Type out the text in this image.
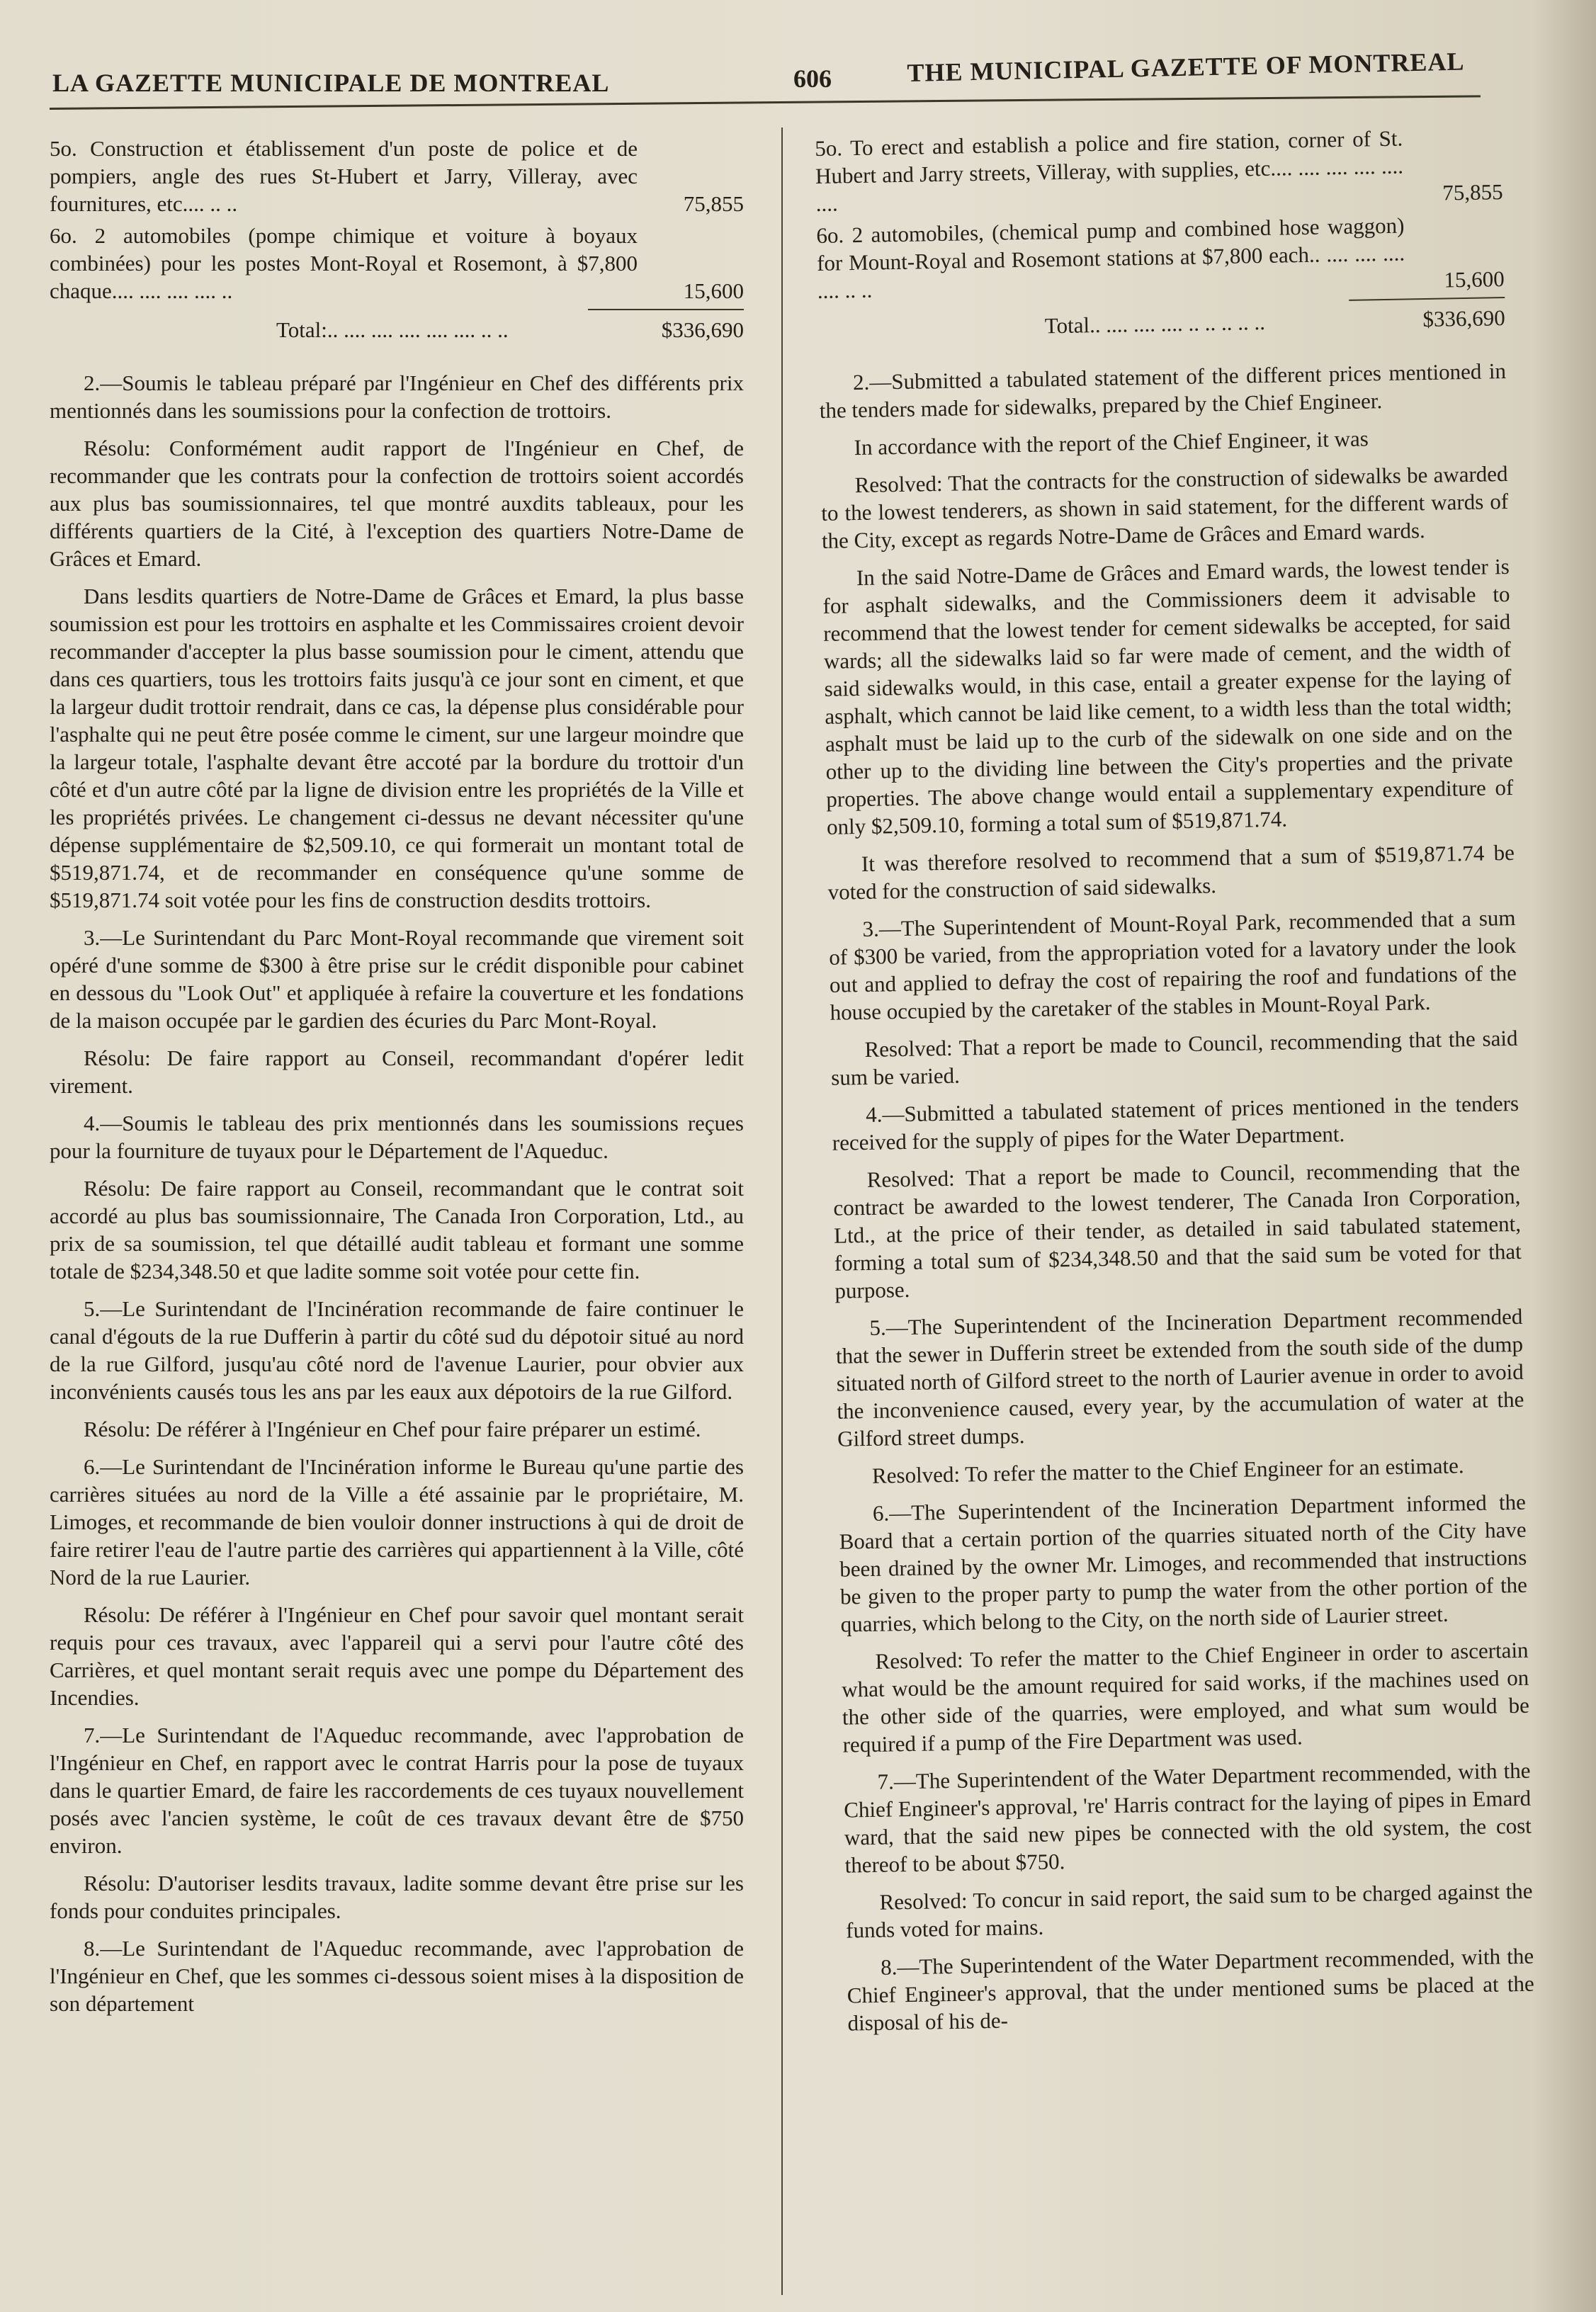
LA GAZETTE MUNICIPALE DE MONTREAL	606	THE MUNICIPAL GAZETTE OF MONTREAL
5o. Construction et établissement d'un poste de police et de pompiers, angle des rues St-Hubert et Jarry, Villeray, avec fournitures, etc.... .. ..	75,855
6o. 2 automobiles (pompe chimique et voiture à boyaux combinées) pour les postes Mont-Royal et Rosemont, à $7,800 chaque.... .... .... .... ..	15,600
Total:.. .... .... .... .... .... .. ..	$336,690

2.—Soumis le tableau préparé par l'Ingénieur en Chef des différents prix mentionnés dans les soumissions pour la confection de trottoirs.

Résolu: Conformément audit rapport de l'Ingénieur en Chef, de recommander que les contrats pour la confection de trottoirs soient accordés aux plus bas soumissionnaires, tel que montré auxdits tableaux, pour les différents quartiers de la Cité, à l'exception des quartiers Notre-Dame de Grâces et Emard.

Dans lesdits quartiers de Notre-Dame de Grâces et Emard, la plus basse soumission est pour les trottoirs en asphalte et les Commissaires croient devoir recommander d'accepter la plus basse soumission pour le ciment, attendu que dans ces quartiers, tous les trottoirs faits jusqu'à ce jour sont en ciment, et que la largeur dudit trottoir rendrait, dans ce cas, la dépense plus considérable pour l'asphalte qui ne peut être posée comme le ciment, sur une largeur moindre que la largeur totale, l'asphalte devant être accoté par la bordure du trottoir d'un côté et d'un autre côté par la ligne de division entre les propriétés de la Ville et les propriétés privées. Le changement ci-dessus ne devant nécessiter qu'une dépense supplémentaire de $2,509.10, ce qui formerait un montant total de $519,871.74, et de recommander en conséquence qu'une somme de $519,871.74 soit votée pour les fins de construction desdits trottoirs.

3.—Le Surintendant du Parc Mont-Royal recommande que virement soit opéré d'une somme de $300 à être prise sur le crédit disponible pour cabinet en dessous du "Look Out" et appliquée à refaire la couverture et les fondations de la maison occupée par le gardien des écuries du Parc Mont-Royal.

Résolu: De faire rapport au Conseil, recommandant d'opérer ledit virement.

4.—Soumis le tableau des prix mentionnés dans les soumissions reçues pour la fourniture de tuyaux pour le Département de l'Aqueduc.

Résolu: De faire rapport au Conseil, recommandant que le contrat soit accordé au plus bas soumissionnaire, The Canada Iron Corporation, Ltd., au prix de sa soumission, tel que détaillé audit tableau et formant une somme totale de $234,348.50 et que ladite somme soit votée pour cette fin.

5.—Le Surintendant de l'Incinération recommande de faire continuer le canal d'égouts de la rue Dufferin à partir du côté sud du dépotoir situé au nord de la rue Gilford, jusqu'au côté nord de l'avenue Laurier, pour obvier aux inconvénients causés tous les ans par les eaux aux dépotoirs de la rue Gilford.

Résolu: De référer à l'Ingénieur en Chef pour faire préparer un estimé.

6.—Le Surintendant de l'Incinération informe le Bureau qu'une partie des carrières situées au nord de la Ville a été assainie par le propriétaire, M. Limoges, et recommande de bien vouloir donner instructions à qui de droit de faire retirer l'eau de l'autre partie des carrières qui appartiennent à la Ville, côté Nord de la rue Laurier.

Résolu: De référer à l'Ingénieur en Chef pour savoir quel montant serait requis pour ces travaux, avec l'appareil qui a servi pour l'autre côté des Carrières, et quel montant serait requis avec une pompe du Département des Incendies.

7.—Le Surintendant de l'Aqueduc recommande, avec l'approbation de l'Ingénieur en Chef, en rapport avec le contrat Harris pour la pose de tuyaux dans le quartier Emard, de faire les raccordements de ces tuyaux nouvellement posés avec l'ancien système, le coût de ces travaux devant être de $750 environ.

Résolu: D'autoriser lesdits travaux, ladite somme devant être prise sur les fonds pour conduites principales.

8.—Le Surintendant de l'Aqueduc recommande, avec l'approbation de l'Ingénieur en Chef, que les sommes ci-dessous soient mises à la disposition de son département

5o. To erect and establish a police and fire station, corner of St. Hubert and Jarry streets, Villeray, with supplies, etc.... .... .... .... .... ....	75,855
6o. 2 automobiles, (chemical pump and combined hose waggon) for Mount-Royal and Rosemont stations at $7,800 each.. .... .... .... .... .. ..	15,600
Total.. .... .... .... .. .. .. .. ..	$336,690

2.—Submitted a tabulated statement of the different prices mentioned in the tenders made for sidewalks, prepared by the Chief Engineer.

In accordance with the report of the Chief Engineer, it was

Resolved: That the contracts for the construction of sidewalks be awarded to the lowest tenderers, as shown in said statement, for the different wards of the City, except as regards Notre-Dame de Grâces and Emard wards.

In the said Notre-Dame de Grâces and Emard wards, the lowest tender is for asphalt sidewalks, and the Commissioners deem it advisable to recommend that the lowest tender for cement sidewalks be accepted, for said wards; all the sidewalks laid so far were made of cement, and the width of said sidewalks would, in this case, entail a greater expense for the laying of asphalt, which cannot be laid like cement, to a width less than the total width; asphalt must be laid up to the curb of the sidewalk on one side and on the other up to the dividing line between the City's properties and the private properties. The above change would entail a supplementary expenditure of only $2,509.10, forming a total sum of $519,871.74.

It was therefore resolved to recommend that a sum of $519,871.74 be voted for the construction of said sidewalks.

3.—The Superintendent of Mount-Royal Park, recommended that a sum of $300 be varied, from the appropriation voted for a lavatory under the look out and applied to defray the cost of repairing the roof and fundations of the house occupied by the caretaker of the stables in Mount-Royal Park.

Resolved: That a report be made to Council, recommending that the said sum be varied.

4.—Submitted a tabulated statement of prices mentioned in the tenders received for the supply of pipes for the Water Department.

Resolved: That a report be made to Council, recommending that the contract be awarded to the lowest tenderer, The Canada Iron Corporation, Ltd., at the price of their tender, as detailed in said tabulated statement, forming a total sum of $234,348.50 and that the said sum be voted for that purpose.

5.—The Superintendent of the Incineration Department recommended that the sewer in Dufferin street be extended from the south side of the dump situated north of Gilford street to the north of Laurier avenue in order to avoid the inconvenience caused, every year, by the accumulation of water at the Gilford street dumps.

Resolved: To refer the matter to the Chief Engineer for an estimate.

6.—The Superintendent of the Incineration Department informed the Board that a certain portion of the quarries situated north of the City have been drained by the owner Mr. Limoges, and recommended that instructions be given to the proper party to pump the water from the other portion of the quarries, which belong to the City, on the north side of Laurier street.

Resolved: To refer the matter to the Chief Engineer in order to ascertain what would be the amount required for said works, if the machines used on the other side of the quarries, were employed, and what sum would be required if a pump of the Fire Department was used.

7.—The Superintendent of the Water Department recommended, with the Chief Engineer's approval, 're' Harris contract for the laying of pipes in Emard ward, that the said new pipes be connected with the old system, the cost thereof to be about $750.

Resolved: To concur in said report, the said sum to be charged against the funds voted for mains.

8.—The Superintendent of the Water Department recommended, with the Chief Engineer's approval, that the under mentioned sums be placed at the disposal of his de-
